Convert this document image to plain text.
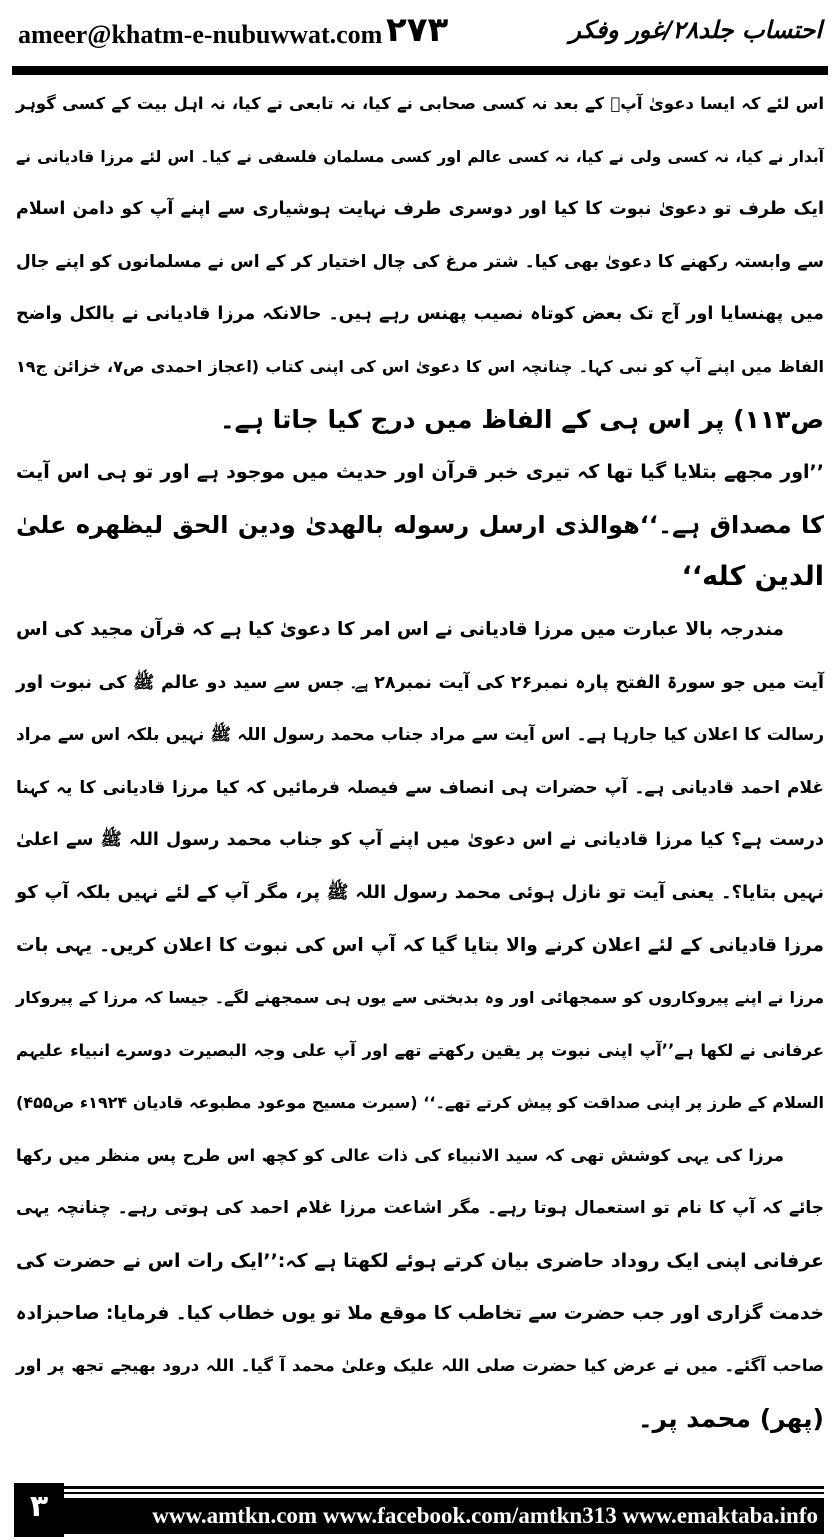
ameer@khatm-e-nubuwwat.com ۲۷۳	احتساب جلد۲۸/غور وفکر
اس لئے کہ ایسا دعویٰ آپؐ کے بعد نہ کسی صحابی نے کیا، نہ تابعی نے کیا، نہ اہل بیت کے کسی گوہر
آبدار نے کیا، نہ کسی ولی نے کیا، نہ کسی عالم اور کسی مسلمان فلسفی نے کیا۔ اس لئے مرزا قادیانی نے
ایک طرف تو دعویٰ نبوت کا کیا اور دوسری طرف نہایت ہوشیاری سے اپنے آپ کو دامن اسلام
سے وابستہ رکھنے کا دعویٰ بھی کیا۔ شتر مرغ کی چال اختیار کر کے اس نے مسلمانوں کو اپنے جال
میں پھنسایا اور آج تک بعض کوتاہ نصیب پھنس رہے ہیں۔ حالانکہ مرزا قادیانی نے بالکل واضح
الفاظ میں اپنے آپ کو نبی کہا۔ چنانچہ اس کا دعویٰ اس کی اپنی کتاب (اعجاز احمدی ص۷، خزائن ج۱۹
ص۱۱۳) پر اس ہی کے الفاظ میں درج کیا جاتا ہے۔
’’اور مجھے بتلایا گیا تھا کہ تیری خبر قرآن اور حدیث میں موجود ہے اور تو ہی اس آیت
کا مصداق ہے۔‘‘ھوالذی ارسل رسوله بالهدیٰ ودین الحق لیظهره علیٰ
الدین کله‘‘
مندرجہ بالا عبارت میں مرزا قادیانی نے اس امر کا دعویٰ کیا ہے کہ قرآن مجید کی اس
آیت میں جو سورۃ الفتح پارہ نمبر۲۶ کی آیت نمبر۲۸ ہے۔ جس سے سید دو عالم ﷺ کی نبوت اور
رسالت کا اعلان کیا جارہا ہے۔ اس آیت سے مراد جناب محمد رسول اللہ ﷺ نہیں بلکہ اس سے مراد
غلام احمد قادیانی ہے۔ آپ حضرات ہی انصاف سے فیصلہ فرمائیں کہ کیا مرزا قادیانی کا یہ کہنا
درست ہے؟ کیا مرزا قادیانی نے اس دعویٰ میں اپنے آپ کو جناب محمد رسول اللہ ﷺ سے اعلیٰ
نہیں بتایا؟۔ یعنی آیت تو نازل ہوئی محمد رسول اللہ ﷺ پر، مگر آپ کے لئے نہیں بلکہ آپ کو
مرزا قادیانی کے لئے اعلان کرنے والا بتایا گیا کہ آپ اس کی نبوت کا اعلان کریں۔ یہی بات
مرزا نے اپنے پیروکاروں کو سمجھائی اور وہ بدبختی سے یوں ہی سمجھنے لگے۔ جیسا کہ مرزا کے پیروکار
عرفانی نے لکھا ہے’’آپ اپنی نبوت پر یقین رکھتے تھے اور آپ علی وجہ البصیرت دوسرے انبیاء علیہم
السلام کے طرز پر اپنی صداقت کو پیش کرتے تھے۔‘‘ (سیرت مسیح موعود مطبوعہ قادیان ۱۹۲۴ء ص۴۵۵)
مرزا کی یہی کوشش تھی کہ سید الانبیاء کی ذات عالی کو کچھ اس طرح پس منظر میں رکھا
جائے کہ آپ کا نام تو استعمال ہوتا رہے۔ مگر اشاعت مرزا غلام احمد کی ہوتی رہے۔ چنانچہ یہی
عرفانی اپنی ایک روداد حاضری بیان کرتے ہوئے لکھتا ہے کہ:’’ایک رات اس نے حضرت کی
خدمت گزاری اور جب حضرت سے تخاطب کا موقع ملا تو یوں خطاب کیا۔ فرمایا: صاحبزادہ
صاحب آگئے۔ میں نے عرض کیا حضرت صلی اللہ علیک وعلیٰ محمد آ گیا۔ اللہ درود بھیجے تجھ پر اور
(پھر) محمد پر۔
۳	www.amtkn.com www.facebook.com/amtkn313 www.emaktaba.info
